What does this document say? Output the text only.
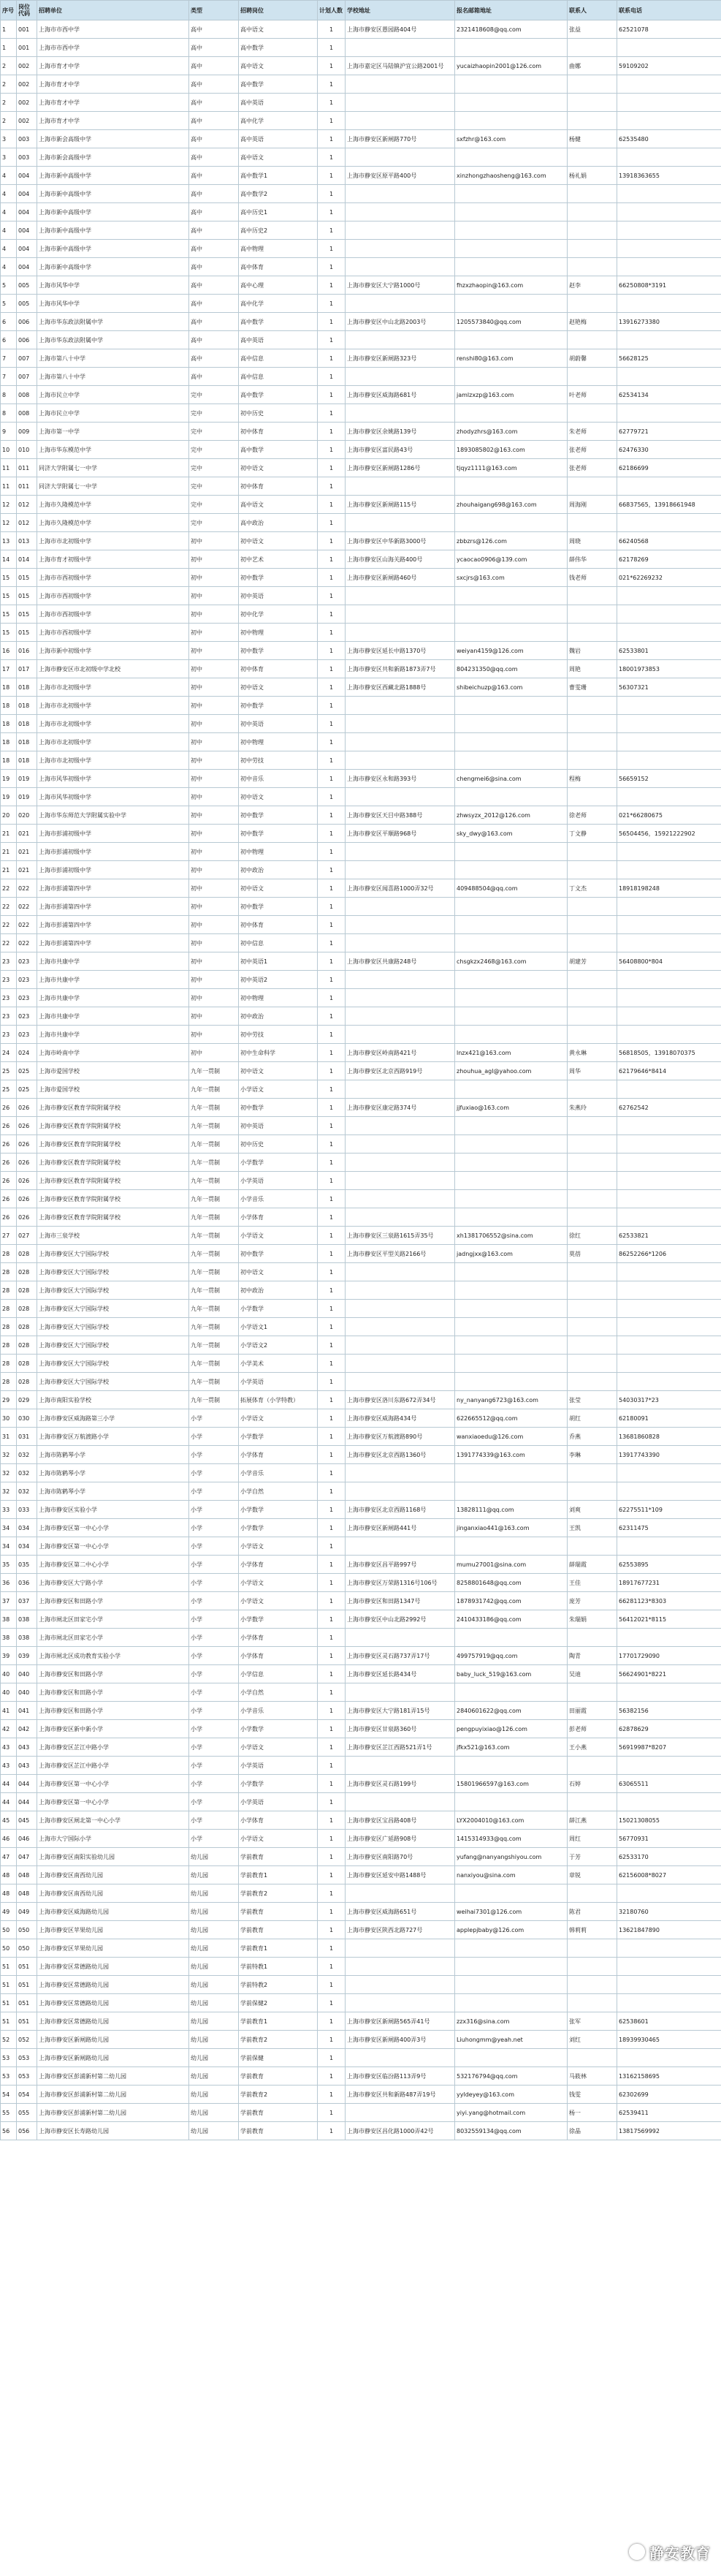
序号	岗位代码	招聘单位	类型	招聘岗位	计划人数	学校地址	报名邮箱地址	联系人	联系电话
1	001	上海市市西中学	高中	高中语文	1	上海市静安区愚园路404号	2321418608@qq.com	张益	62521078
1	001	上海市市西中学	高中	高中数学	1				
2	002	上海市育才中学	高中	高中语文	1	上海市嘉定区马陆镇沪宜公路2001号	yucaizhaopin2001@126.com	曲娜	59109202
2	002	上海市育才中学	高中	高中数学	1				
2	002	上海市育才中学	高中	高中英语	1				
2	002	上海市育才中学	高中	高中化学	1				
3	003	上海市新会高级中学	高中	高中英语	1	上海市静安区新闸路770号	sxfzhr@163.com	杨健	62535480
3	003	上海市新会高级中学	高中	高中语文	1				
4	004	上海市新中高级中学	高中	高中数学1	1	上海市静安区原平路400号	xinzhongzhaosheng@163.com	杨礼娟	13918363655
4	004	上海市新中高级中学	高中	高中数学2	1				
4	004	上海市新中高级中学	高中	高中历史1	1				
4	004	上海市新中高级中学	高中	高中历史2	1				
4	004	上海市新中高级中学	高中	高中物理	1				
4	004	上海市新中高级中学	高中	高中体育	1				
5	005	上海市风华中学	高中	高中心理	1	上海市静安区大宁路1000号	fhzxzhaopin@163.com	赵李	66250808*3191
5	005	上海市风华中学	高中	高中化学	1				
6	006	上海市华东政法附属中学	高中	高中数学	1	上海市静安区中山北路2003号	1205573840@qq.com	赵艳梅	13916273380
6	006	上海市华东政法附属中学	高中	高中英语	1				
7	007	上海市第八十中学	高中	高中信息	1	上海市静安区新闸路323号	renshi80@163.com	胡蔚馨	56628125
7	007	上海市第八十中学	高中	高中信息	1				
8	008	上海市民立中学	完中	高中数学	1	上海市静安区威海路681号	jamlzxzp@163.com	叶老师	62534134
8	008	上海市民立中学	完中	初中历史	1				
9	009	上海市第一中学	完中	初中体育	1	上海市静安区余姚路139号	zhodyzhrs@163.com	朱老师	62779721
10	010	上海市华东模范中学	完中	高中数学	1	上海市静安区富民路43号	1893085802@163.com	张老师	62476330
11	011	同济大学附属七一中学	完中	初中语文	1	上海市静安区新闸路1286号	tjqyz1111@163.com	张老师	62186699
11	011	同济大学附属七一中学	完中	初中体育	1				
12	012	上海市久隆模范中学	完中	高中语文	1	上海市静安区新闸路115号	zhouhaigang698@163.com	周海刚	66837565，13918661948
12	012	上海市久隆模范中学	完中	高中政治	1				
13	013	上海市市北初级中学	初中	初中语文	1	上海市静安区中华新路3000号	zbbzrs@126.com	周晓	66240568
14	014	上海市育才初级中学	初中	初中艺术	1	上海市静安区山海关路400号	ycaocao0906@139.com	薛伟华	62178269
15	015	上海市市西初级中学	初中	初中数学	1	上海市静安区新闸路460号	sxcjrs@163.com	钱老师	021*62269232
15	015	上海市市西初级中学	初中	初中英语	1				
15	015	上海市市西初级中学	初中	初中化学	1				
15	015	上海市市西初级中学	初中	初中物理	1				
16	016	上海市新中初级中学	初中	初中数学	1	上海市静安区延长中路1370号	weiyan4159@126.com	魏岩	62533801
17	017	上海市静安区市北初级中学北校	初中	初中体育	1	上海市静安区共和新路1873弄7号	804231350@qq.com	周艳	18001973853
18	018	上海市市北初级中学	初中	初中语文	1	上海市静安区西藏北路1888号	shibeichuzp@163.com	曹雯珊	56307321
18	018	上海市市北初级中学	初中	初中数学	1				
18	018	上海市市北初级中学	初中	初中英语	1				
18	018	上海市市北初级中学	初中	初中物理	1				
18	018	上海市市北初级中学	初中	初中劳技	1				
19	019	上海市风华初级中学	初中	初中音乐	1	上海市静安区永和路393号	chengmei6@sina.com	程梅	56659152
19	019	上海市风华初级中学	初中	初中语文	1				
20	020	上海市华东师范大学附属实验中学	初中	初中数学	1	上海市静安区天目中路388号	zhwsyzx_2012@126.com	徐老师	021*66280675
21	021	上海市彭浦初级中学	初中	初中数学	1	上海市静安区平顺路968号	sky_dwy@163.com	丁文静	56504456，15921222902
21	021	上海市彭浦初级中学	初中	初中物理	1				
21	021	上海市彭浦初级中学	初中	初中政治	1				
22	022	上海市彭浦第四中学	初中	初中语文	1	上海市静安区闻喜路1000弄32号	409488504@qq.com	丁文杰	18918198248
22	022	上海市彭浦第四中学	初中	初中数学	1				
22	022	上海市彭浦第四中学	初中	初中体育	1				
22	022	上海市彭浦第四中学	初中	初中信息	1				
23	023	上海市共康中学	初中	初中英语1	1	上海市静安区共康路248号	chsgkzx2468@163.com	胡建芳	56408800*804
23	023	上海市共康中学	初中	初中英语2	1				
23	023	上海市共康中学	初中	初中物理	1				
23	023	上海市共康中学	初中	初中政治	1				
23	023	上海市共康中学	初中	初中劳技	1				
24	024	上海市岭南中学	初中	初中生命科学	1	上海市静安区岭南路421号	lnzx421@163.com	黄永琳	56818505，13918070375
25	025	上海市爱国学校	九年一贯制	初中语文	1	上海市静安区北京西路919号	zhouhua_agl@yahoo.com	周华	62179646*8414
25	025	上海市爱国学校	九年一贯制	小学语文	1				
26	026	上海市静安区教育学院附属学校	九年一贯制	初中数学	1	上海市静安区康定路374号	jjfuxiao@163.com	朱燕玲	62762542
26	026	上海市静安区教育学院附属学校	九年一贯制	初中英语	1				
26	026	上海市静安区教育学院附属学校	九年一贯制	初中历史	1				
26	026	上海市静安区教育学院附属学校	九年一贯制	小学数学	1				
26	026	上海市静安区教育学院附属学校	九年一贯制	小学英语	1				
26	026	上海市静安区教育学院附属学校	九年一贯制	小学音乐	1				
26	026	上海市静安区教育学院附属学校	九年一贯制	小学体育	1				
27	027	上海市三泉学校	九年一贯制	小学语文	1	上海市静安区三泉路1615弄35号	xh1381706552@sina.com	徐红	62533821
28	028	上海市静安区大宁国际学校	九年一贯制	初中数学	1	上海市静安区平型关路2166号	jadngjxx@163.com	莫蓓	86252266*1206
28	028	上海市静安区大宁国际学校	九年一贯制	初中语文	1				
28	028	上海市静安区大宁国际学校	九年一贯制	初中政治	1				
28	028	上海市静安区大宁国际学校	九年一贯制	小学数学	1				
28	028	上海市静安区大宁国际学校	九年一贯制	小学语文1	1				
28	028	上海市静安区大宁国际学校	九年一贯制	小学语文2	1				
28	028	上海市静安区大宁国际学校	九年一贯制	小学美术	1				
28	028	上海市静安区大宁国际学校	九年一贯制	小学英语	1				
29	029	上海市南阳实验学校	九年一贯制	拓展体育（小学特教）	1	上海市静安区洛川东路672弄34号	ny_nanyang6723@163.com	张莹	54030317*23
30	030	上海市静安区威海路第三小学	小学	小学语文	1	上海市静安区威海路434号	622665512@qq.com	胡红	62180091
31	031	上海市静安区万航渡路小学	小学	小学数学	1	上海市静安区万航渡路890号	wanxiaoedu@126.com	乔燕	13681860828
32	032	上海市陈鹤琴小学	小学	小学体育	1	上海市静安区北京西路1360号	1391774339@163.com	李琳	13917743390
32	032	上海市陈鹤琴小学	小学	小学音乐	1				
32	032	上海市陈鹤琴小学	小学	小学自然	1				
33	033	上海市静安区实验小学	小学	小学数学	1	上海市静安区北京西路1168号	13828111@qq.com	刘爽	62275511*109
34	034	上海市静安区第一中心小学	小学	小学数学	1	上海市静安区新闸路441号	jinganxiao441@163.com	王凯	62311475
34	034	上海市静安区第一中心小学	小学	小学语文	1				
35	035	上海市静安区第二中心小学	小学	小学体育	1	上海市静安区昌平路997号	mumu27001@sina.com	薛瑞霞	62553895
36	036	上海市静安区大宁路小学	小学	小学语文	1	上海市静安区万荣路1316号106号	8258801648@qq.com	王佳	18917677231
37	037	上海市静安区和田路小学	小学	小学语文	1	上海市静安区和田路1347号	1878931742@qq.com	庞芳	66281123*8303
38	038	上海市闸北区田家宅小学	小学	小学数学	1	上海市静安区中山北路2992号	2410433186@qq.com	朱瑞娟	56412021*8115
38	038	上海市闸北区田家宅小学	小学	小学体育	1				
39	039	上海市闸北区成功教育实验小学	小学	小学体育	1	上海市静安区灵石路737弄17号	499757919@qq.com	陶青	17701729090
40	040	上海市静安区和田路小学	小学	小学信息	1	上海市静安区延长路434号	baby_luck_519@163.com	吴迪	56624901*8221
40	040	上海市静安区和田路小学	小学	小学自然	1				
41	041	上海市静安区和田路小学	小学	小学音乐	1	上海市静安区大宁路181弄15号	2840601622@qq.com	田丽霞	56382156
42	042	上海市静安区新中新小学	小学	小学数学	1	上海市静安区甘泉路360号	pengpuyixiao@126.com	彭老师	62878629
43	043	上海市静安区芷江中路小学	小学	小学语文	1	上海市静安区芷江西路521弄1号	jfkx521@163.com	王小燕	56919987*8207
43	043	上海市静安区芷江中路小学	小学	小学英语	1				
44	044	上海市静安区第一中心小学	小学	小学数学	1	上海市静安区灵石路199号	15801966597@163.com	石婷	63065511
44	044	上海市静安区第一中心小学	小学	小学英语	1				
45	045	上海市静安区闸北第一中心小学	小学	小学体育	1	上海市静安区宝昌路408号	LYX2004010@163.com	薛江燕	15021308055
46	046	上海市大宁国际小学	小学	小学语文	1	上海市静安区广延路908号	1415314933@qq.com	周红	56770931
47	047	上海市静安区南阳实验幼儿园	幼儿园	学前教育	1	上海市静安区南阳路70号	yufang@nanyangshiyou.com	于芳	62533170
48	048	上海市静安区南西幼儿园	幼儿园	学前教育1	1	上海市静安区延安中路1488号	nanxiyou@sina.com	章锐	62156008*8027
48	048	上海市静安区南西幼儿园	幼儿园	学前教育2	1				
49	049	上海市静安区威海路幼儿园	幼儿园	学前教育	1	上海市静安区威海路651号	weihai7301@126.com	陈君	32180760
50	050	上海市静安区苹果幼儿园	幼儿园	学前教育	1	上海市静安区陕西北路727号	applepjbaby@126.com	韩莉莉	13621847890
50	050	上海市静安区苹果幼儿园	幼儿园	学前教育1	1				
51	051	上海市静安区常德路幼儿园	幼儿园	学前特教1	1				
51	051	上海市静安区常德路幼儿园	幼儿园	学前特教2	1				
51	051	上海市静安区常德路幼儿园	幼儿园	学前保健2	1				
51	051	上海市静安区常德路幼儿园	幼儿园	学前教育1	1	上海市静安区新闸路565弄41号	zzx316@sina.com	张军	62538601
52	052	上海市静安区新闸路幼儿园	幼儿园	学前教育2	1	上海市静安区新闸路400弄3号	Liuhongmm@yeah.net	刘红	18939930465
53	053	上海市静安区新闸路幼儿园	幼儿园	学前保健	1				
53	053	上海市静安区彭浦新村第二幼儿园	幼儿园	学前教育	1	上海市静安区临汾路113弄9号	532176794@qq.com	马筱林	13162158695
54	054	上海市静安区彭浦新村第二幼儿园	幼儿园	学前教育2	1	上海市静安区共和新路487弄19号	yyldeyey@163.com	钱雯	62302699
55	055	上海市静安区彭浦新村第二幼儿园	幼儿园	学前教育	1		yiyi.yang@hotmail.com	杨一	62539411
56	056	上海市静安区长寿路幼儿园	幼儿园	学前教育	1	上海市静安区昌化路1000弄42号	8032559134@qq.com	徐晶	13817569992
静安教育
